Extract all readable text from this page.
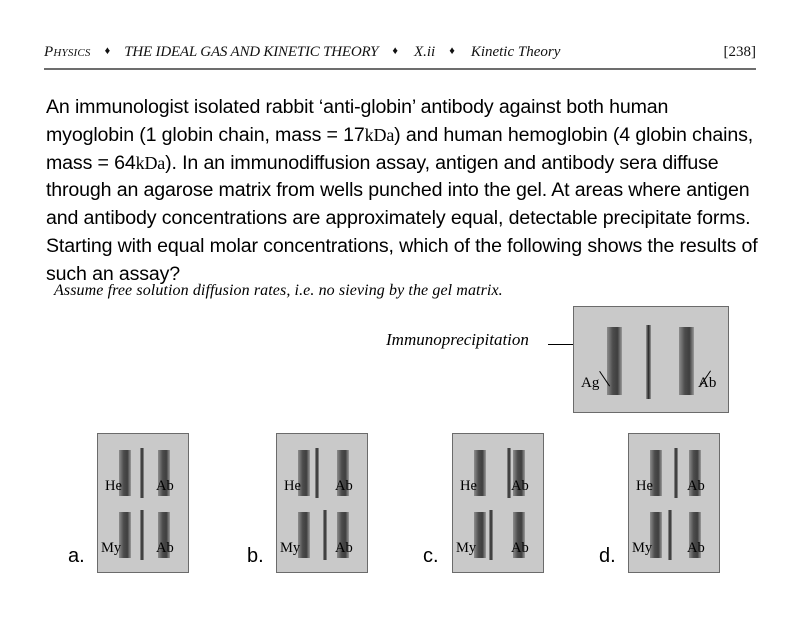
Physics ♦ THE IDEAL GAS AND KINETIC THEORY ♦ X.ii ♦ Kinetic Theory	[238]
An immunologist isolated rabbit ‘anti-globin’ antibody against both human myoglobin (1 globin chain, mass = 17kDa) and human hemoglobin (4 globin chains, mass = 64kDa). In an immunodiffusion assay, antigen and antibody sera diffuse through an agarose matrix from wells punched into the gel. At areas where antigen and antibody concentrations are approximately equal, detectable precipitate forms. Starting with equal molar concentrations, which of the following shows the results of such an assay?
Assume free solution diffusion rates, i.e. no sieving by the gel matrix.
Immunoprecipitation
Ag	Ab
He Ab
My Ab
a.
He Ab
My Ab
b.
He Ab
My Ab
c.
He Ab
My Ab
d.
